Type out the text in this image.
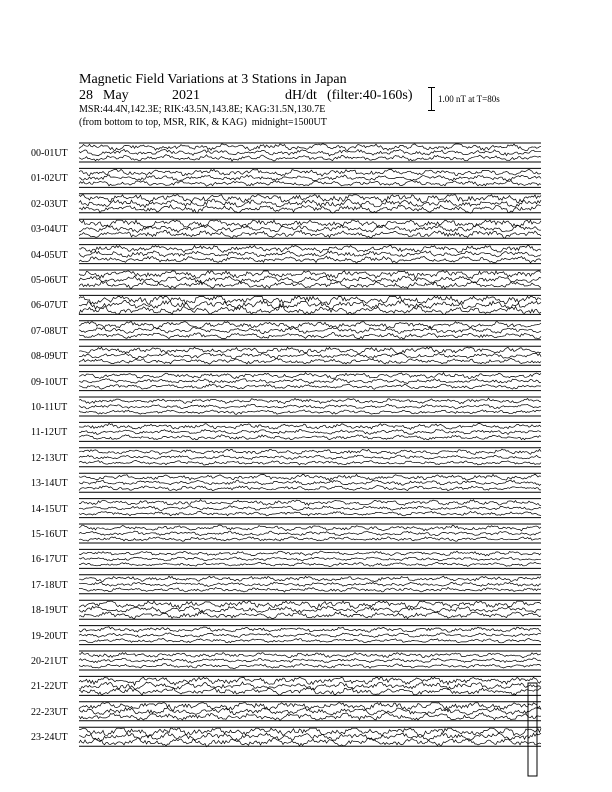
Magnetic Field Variations at 3 Stations in Japan
28 May	2021	dH/dt (filter:40-160s)
MSR:44.4N,142.3E; RIK:43.5N,143.8E; KAG:31.5N,130.7E
(from bottom to top, MSR, RIK, & KAG) midnight=1500UT
1.00 nT at T=80s
00-01UT
01-02UT
02-03UT
03-04UT
04-05UT
05-06UT
06-07UT
07-08UT
08-09UT
09-10UT
10-11UT
11-12UT
12-13UT
13-14UT
14-15UT
15-16UT
16-17UT
17-18UT
18-19UT
19-20UT
20-21UT
21-22UT
22-23UT
23-24UT
